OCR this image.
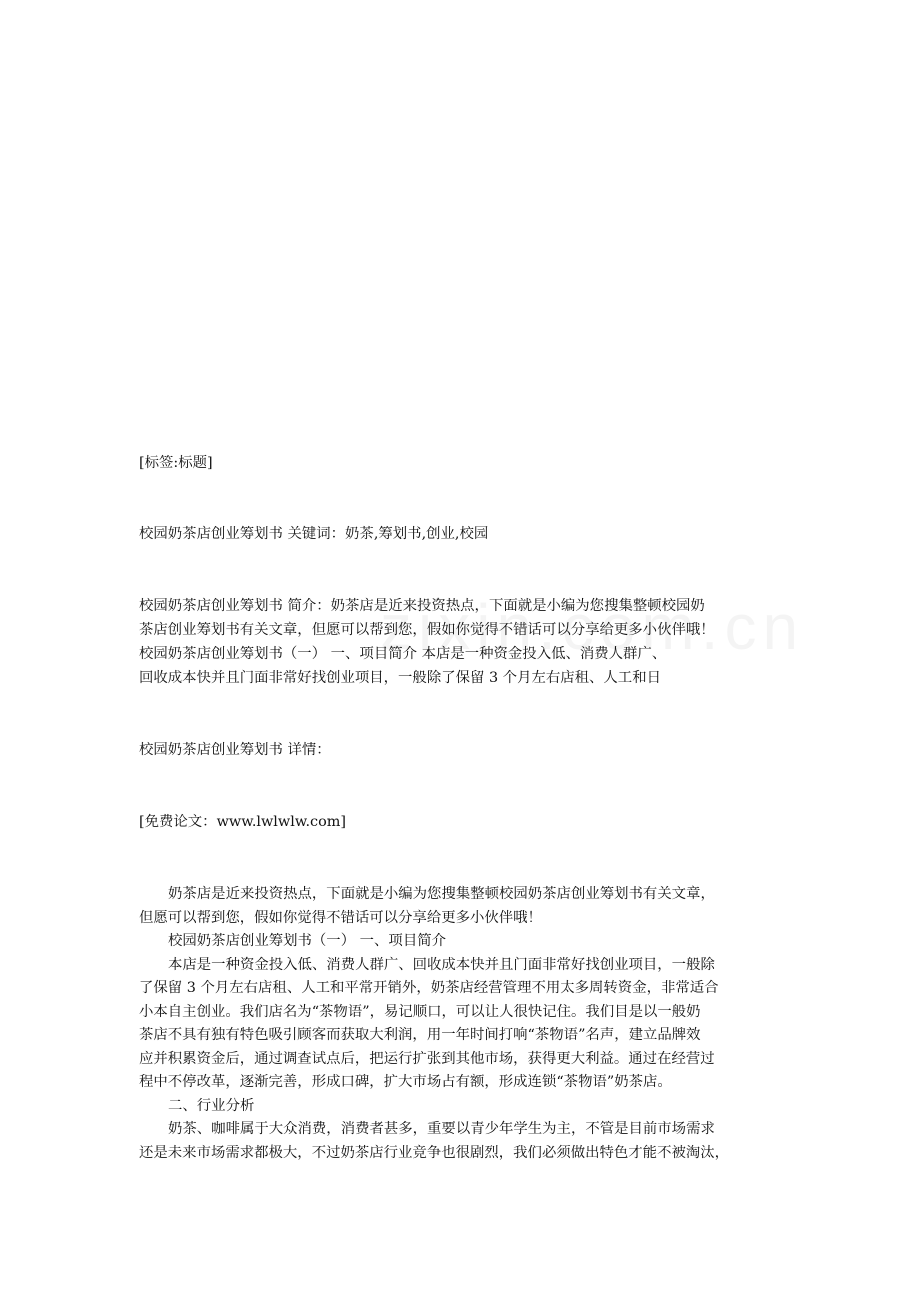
[标签:标题]
校园奶茶店创业筹划书 关键词：奶茶,筹划书,创业,校园
校园奶茶店创业筹划书 简介：奶茶店是近来投资热点，下面就是小编为您搜集整顿校园奶
茶店创业筹划书有关文章，但愿可以帮到您，假如你觉得不错话可以分享给更多小伙伴哦！
校园奶茶店创业筹划书（一） 一、项目简介 本店是一种资金投入低、消费人群广、
回收成本快并且门面非常好找创业项目，一般除了保留 3 个月左右店租、人工和日
校园奶茶店创业筹划书 详情：
[免费论文：www.lwlwlw.com]

奶茶店是近来投资热点，下面就是小编为您搜集整顿校园奶茶店创业筹划书有关文章，

但愿可以帮到您，假如你觉得不错话可以分享给更多小伙伴哦！

校园奶茶店创业筹划书（一） 一、项目简介

本店是一种资金投入低、消费人群广、回收成本快并且门面非常好找创业项目，一般除

了保留 3 个月左右店租、人工和平常开销外，奶茶店经营管理不用太多周转资金，非常适合

小本自主创业。我们店名为“茶物语”，易记顺口，可以让人很快记住。我们目是以一般奶

茶店不具有独有特色吸引顾客而获取大利润，用一年时间打响“茶物语”名声，建立品牌效

应并积累资金后，通过调查试点后，把运行扩张到其他市场，获得更大利益。通过在经营过

程中不停改革，逐渐完善，形成口碑，扩大市场占有额，形成连锁“茶物语”奶茶店。

二、行业分析

奶茶、咖啡属于大众消费，消费者甚多，重要以青少年学生为主，不管是目前市场需求

还是未来市场需求都极大，不过奶茶店行业竞争也很剧烈，我们必须做出特色才能不被淘汰，
